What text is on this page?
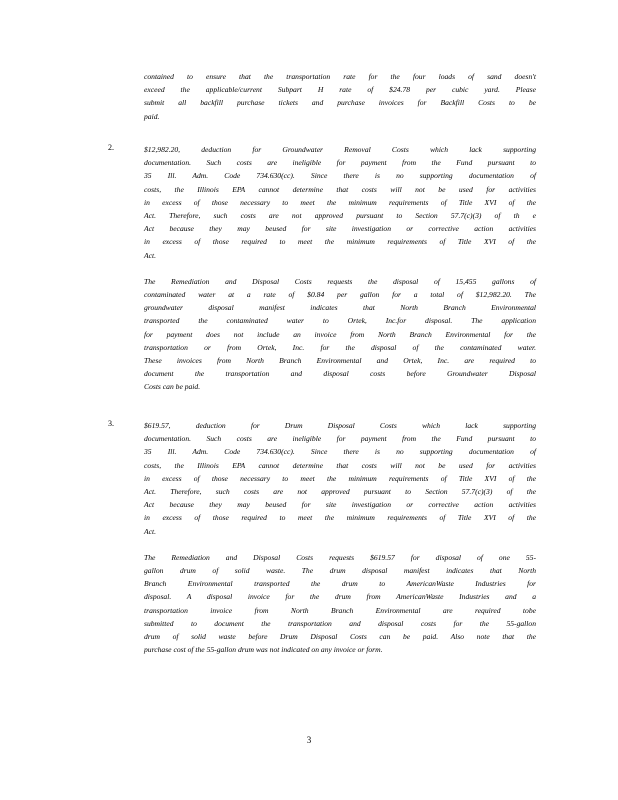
contained to ensure that the transportation rate for the four loads of sand doesn't
exceed the applicable/current Subpart H rate of $24.78 per cubic yard. Please
submit all backfill purchase tickets and purchase invoices for Backfill Costs to be
paid.

2.	$12,982.20, deduction for Groundwater Removal Costs which lack supporting
documentation. Such costs are ineligible for payment from the Fund pursuant to
35 Ill. Adm. Code 734.630(cc). Since there is no supporting documentation of
costs, the Illinois EPA cannot determine that costs will not be used for activities
in excess of those necessary to meet the minimum requirements of Title XVI of the
Act. Therefore, such costs are not approved pursuant to Section 57.7(c)(3) of th e
Act because they may beused for site investigation or corrective action activities
in excess of those required to meet the minimum requirements of Title XVI of the
Act.

The Remediation and Disposal Costs requests the disposal of 15,455 gallons of
contaminated water at a rate of $0.84 per gallon for a total of $12,982.20. The
groundwater disposal manifest indicates that North Branch Environmental
transported the contaminated water to Ortek, Inc.for disposal. The application
for payment does not include an invoice from North Branch Environmental for the
transportation or from Ortek, Inc. for the disposal of the contaminated water.
These invoices from North Branch Environmental and Ortek, Inc. are required to
document the transportation and disposal costs before Groundwater Disposal
Costs can be paid.

3.	$619.57, deduction for Drum Disposal Costs which lack supporting
documentation. Such costs are ineligible for payment from the Fund pursuant to
35 Ill. Adm. Code 734.630(cc). Since there is no supporting documentation of
costs, the Illinois EPA cannot determine that costs will not be used for activities
in excess of those necessary to meet the minimum requirements of Title XVI of the
Act. Therefore, such costs are not approved pursuant to Section 57.7(c)(3) of the
Act because they may beused for site investigation or corrective action activities
in excess of those required to meet the minimum requirements of Title XVI of the
Act.

The Remediation and Disposal Costs requests $619.57 for disposal of one 55-
gallon drum of solid waste. The drum disposal manifest indicates that North
Branch Environmental transported the drum to AmericanWaste Industries for
disposal. A disposal invoice for the drum from AmericanWaste Industries and a
transportation invoice from North Branch Environmental are required tobe
submitted to document the transportation and disposal costs for the 55-gallon
drum of solid waste before Drum Disposal Costs can be paid. Also note that the
purchase cost of the 55-gallon drum was not indicated on any invoice or form.

3
